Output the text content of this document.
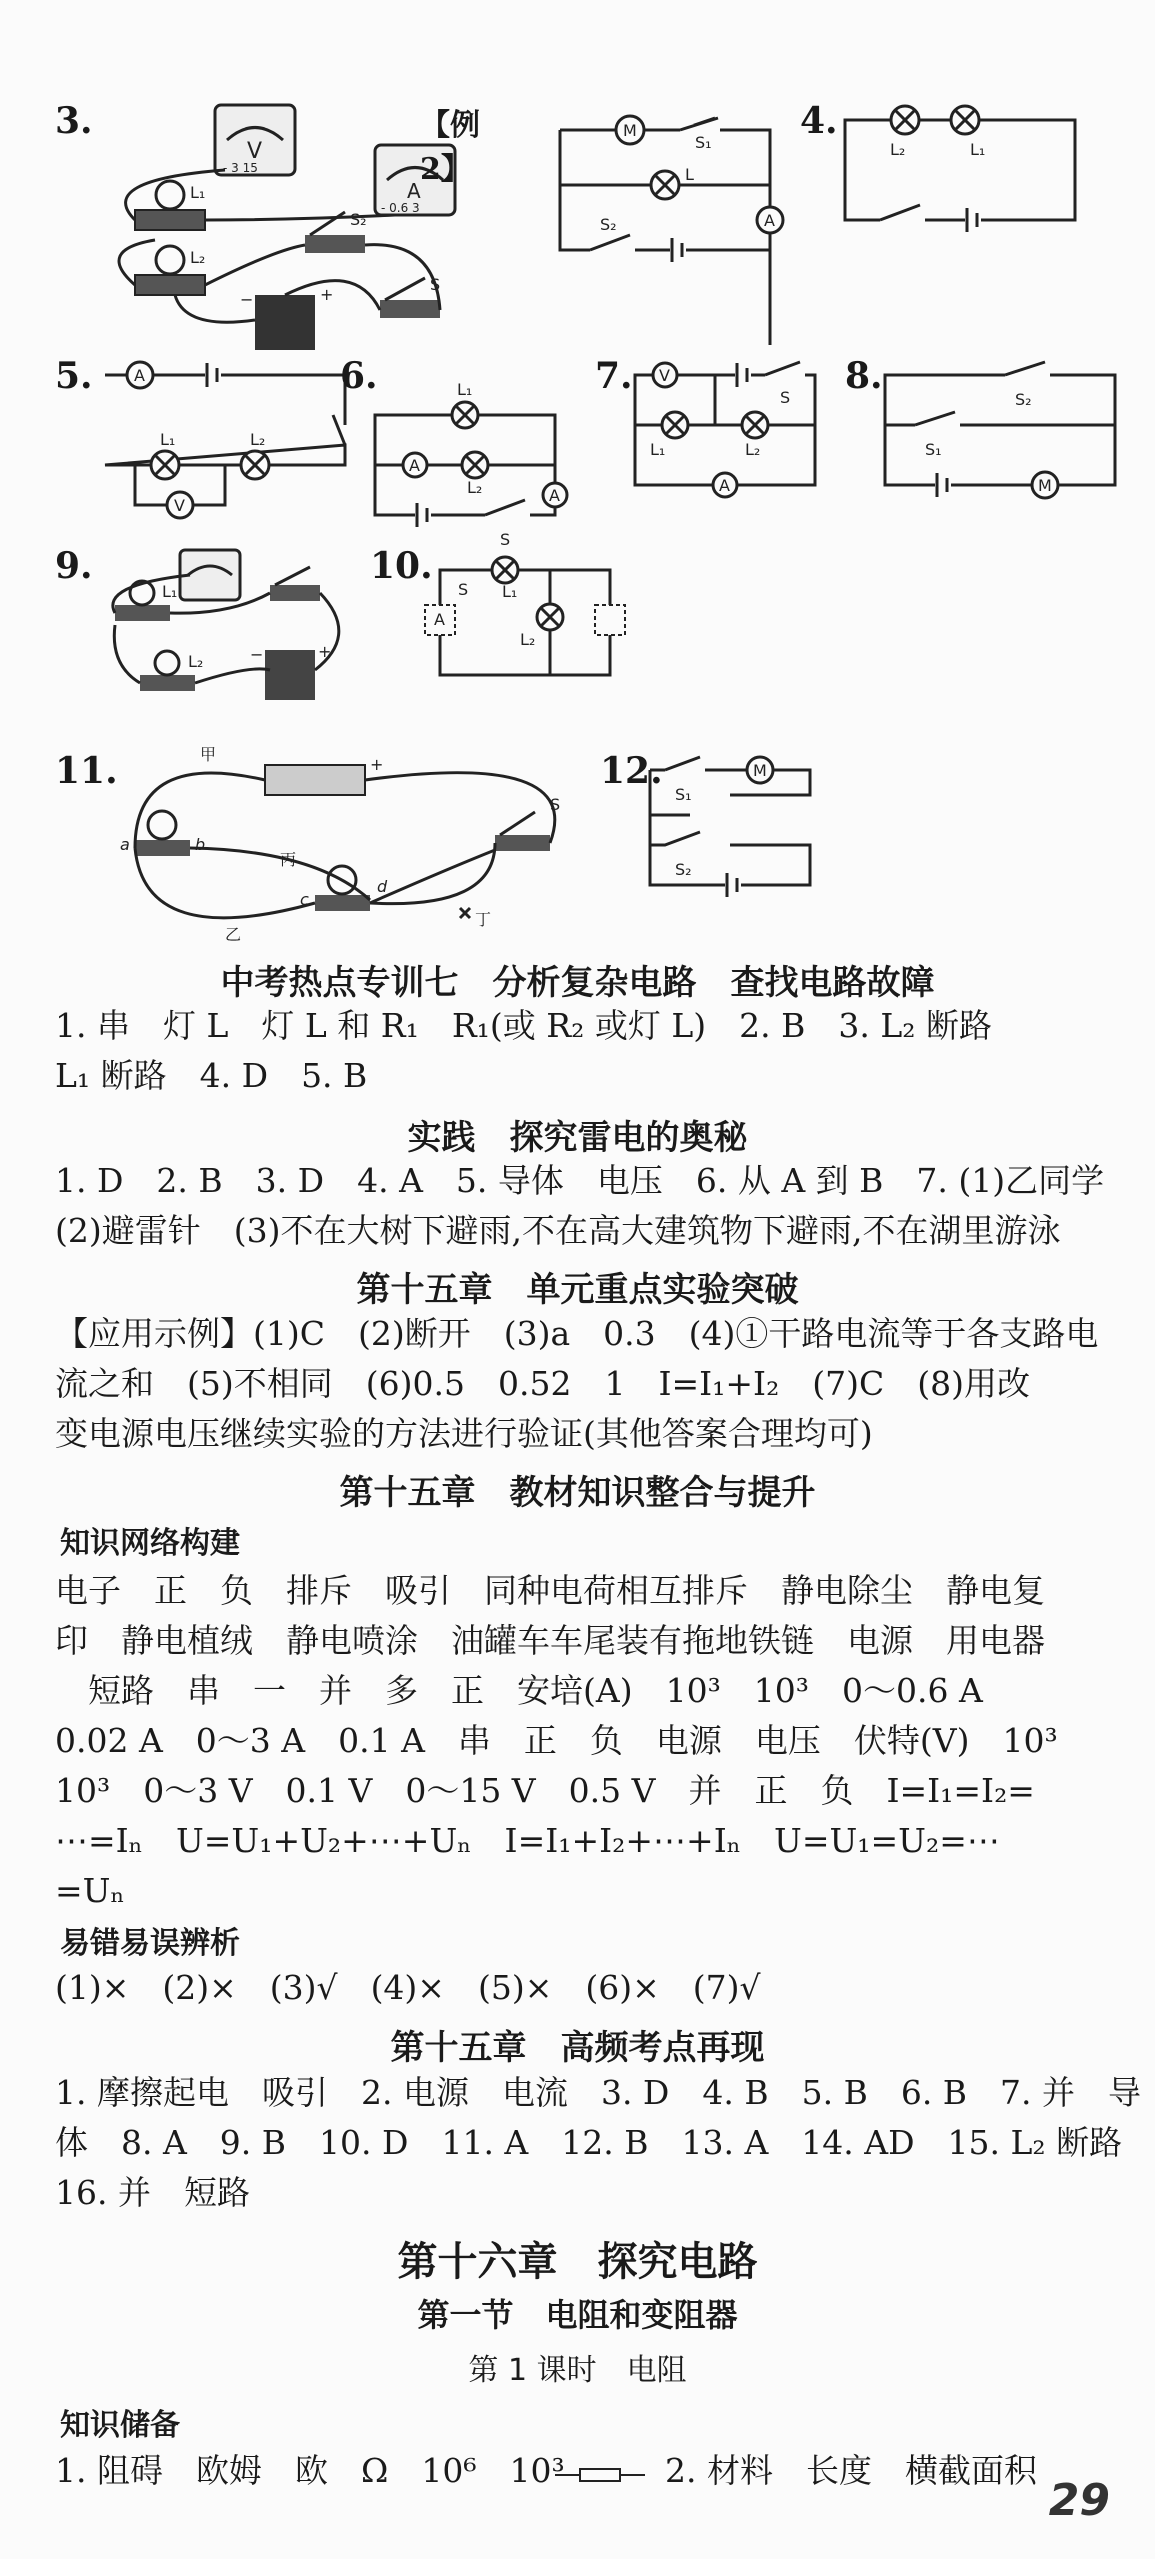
3.
V
- 3 15
A
- 0.6 3
L₁
L₂
S₂
S
−	+
【例 2】
M
S₁
L
A
S₂
4.
L₂	L₁
5.	A
L₁	L₂
V
6.	L₁
A
L₂	A
S
7. V
S
L₁	L₂
A
8.
S₂
S₁
M
9.
L₁
L₂	−	+
10.
S L₁
L₂
A
11.	+
a	b
c
d
S
甲
丙
乙
丁
12.
S₁
M
S₂
中考热点专训七　分析复杂电路　查找电路故障
1. 串　灯 L　灯 L 和 R₁　R₁(或 R₂ 或灯 L)　2. B　3. L₂ 断路
L₁ 断路　4. D　5. B
实践　探究雷电的奥秘
1. D　2. B　3. D　4. A　5. 导体　电压　6. 从 A 到 B　7. (1)乙同学
(2)避雷针　(3)不在大树下避雨,不在高大建筑物下避雨,不在湖里游泳
第十五章　单元重点实验突破
【应用示例】(1)C　(2)断开　(3)a　0.3　(4)①干路电流等于各支路电
流之和　(5)不相同　(6)0.5　0.52　1　I=I₁+I₂　(7)C　(8)用改
变电源电压继续实验的方法进行验证(其他答案合理均可)
第十五章　教材知识整合与提升
知识网络构建
电子　正　负　排斥　吸引　同种电荷相互排斥　静电除尘　静电复
印　静电植绒　静电喷涂　油罐车车尾装有拖地铁链　电源　用电器
　短路　串　一　并　多　正　安培(A)　10³　10³　0～0.6 A
0.02 A　0～3 A　0.1 A　串　正　负　电源　电压　伏特(V)　10³
10³　0～3 V　0.1 V　0～15 V　0.5 V　并　正　负　I=I₁=I₂=
⋯=Iₙ　U=U₁+U₂+⋯+Uₙ　I=I₁+I₂+⋯+Iₙ　U=U₁=U₂=⋯
=Uₙ
易错易误辨析
(1)×　(2)×　(3)√　(4)×　(5)×　(6)×　(7)√
第十五章　高频考点再现
1. 摩擦起电　吸引　2. 电源　电流　3. D　4. B　5. B　6. B　7. 并　导
体　8. A　9. B　10. D　11. A　12. B　13. A　14. AD　15. L₂ 断路
16. 并　短路
第十六章　探究电路
第一节　电阻和变阻器
第 1 课时　电阻
知识储备
1. 阻碍　欧姆　欧　Ω　10⁶　10³	2. 材料　长度　横截面积
29
